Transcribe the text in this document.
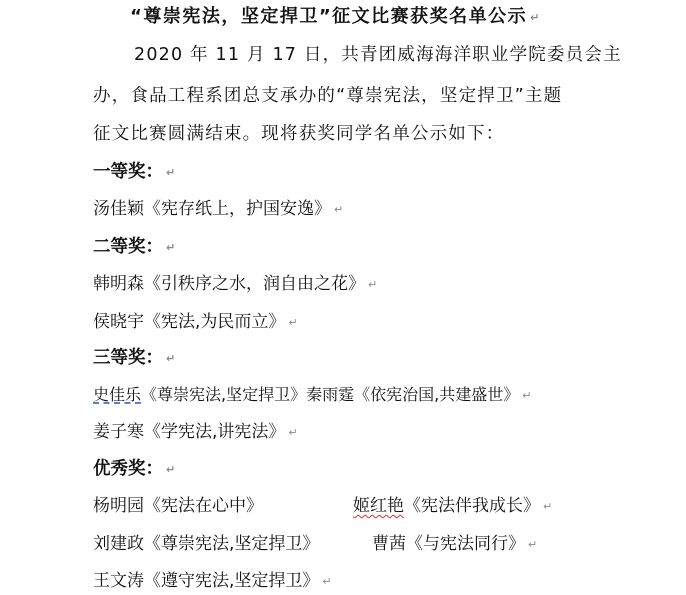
“尊崇宪法，坚定捍卫”征文比赛获奖名单公示 ↵
2020 年 11 月 17 日，共青团威海海洋职业学院委员会主
办，食品工程系团总支承办的“尊崇宪法，坚定捍卫”主题
征文比赛圆满结束。现将获奖同学名单公示如下：
一等奖： ↵
汤佳颖《宪存纸上，护国安逸》 ↵
二等奖： ↵
韩明森《引秩序之水，润自由之花》 ↵
侯晓宇《宪法,为民而立》 ↵
三等奖： ↵
史佳乐《尊崇宪法,坚定捍卫》秦雨霆《依宪治国,共建盛世》 ↵
姜子寒《学宪法,讲宪法》 ↵
优秀奖： ↵
杨明园《宪法在心中》	姬红艳《宪法伴我成长》 ↵
刘建政《尊崇宪法,坚定捍卫》	曹茜《与宪法同行》 ↵
王文涛《遵守宪法,坚定捍卫》 ↵
